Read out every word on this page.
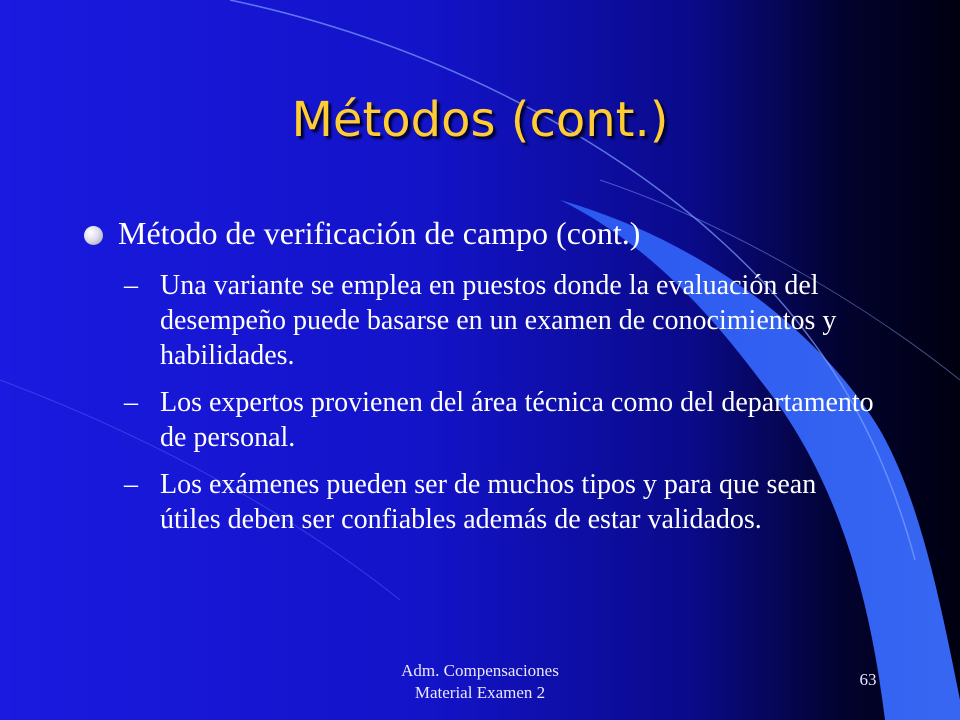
Métodos (cont.)
Método de verificación de campo (cont.)
– Una variante se emplea en puestos donde la evaluación del desempeño puede basarse en un examen de conocimientos y habilidades.
– Los expertos provienen del área técnica como del departamento de personal.
– Los exámenes pueden ser de muchos tipos y para que sean útiles deben ser confiables además de estar validados.
Adm. Compensaciones
Material Examen 2
63
